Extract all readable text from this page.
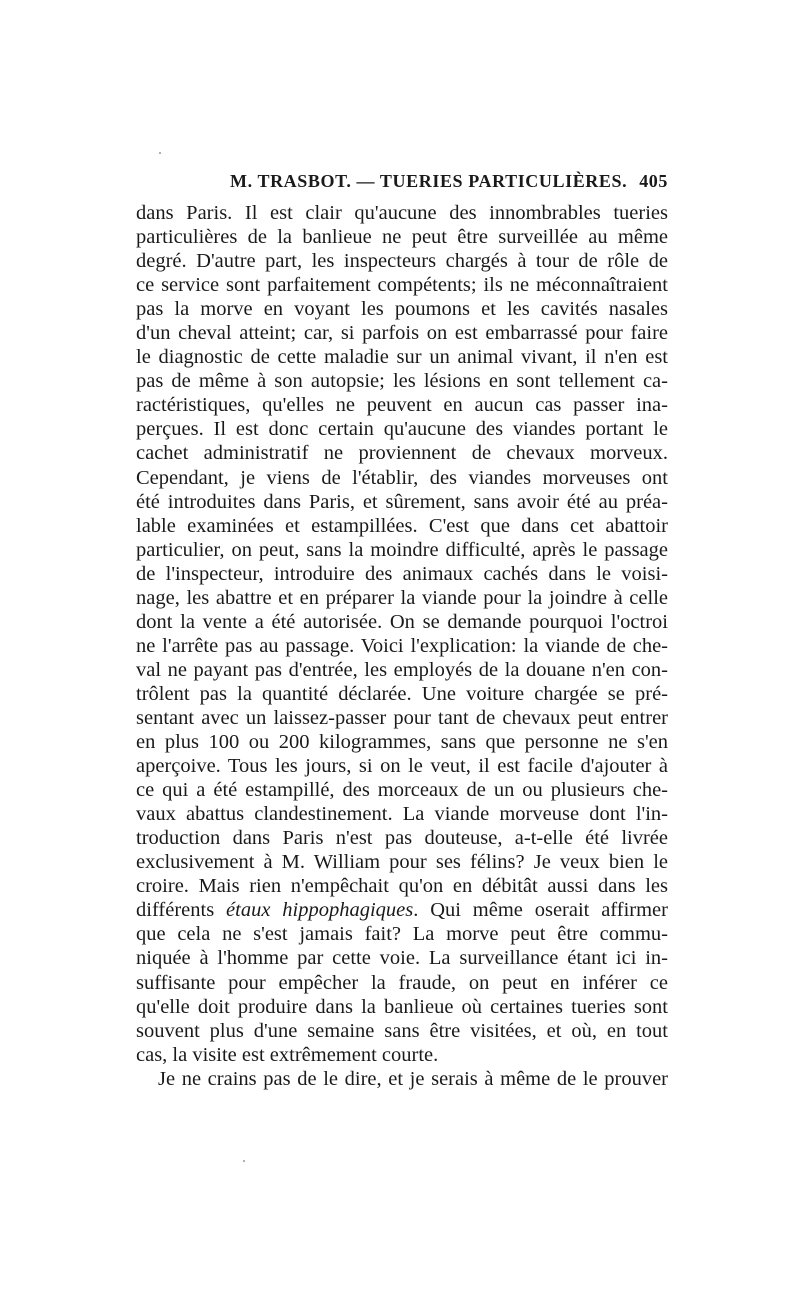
M. TRASBOT. — TUERIES PARTICULIÈRES. 405
dans Paris. Il est clair qu'aucune des innombrables tueries
particulières de la banlieue ne peut être surveillée au même
degré. D'autre part, les inspecteurs chargés à tour de rôle de
ce service sont parfaitement compétents; ils ne méconnaîtraient
pas la morve en voyant les poumons et les cavités nasales
d'un cheval atteint; car, si parfois on est embarrassé pour faire
le diagnostic de cette maladie sur un animal vivant, il n'en est
pas de même à son autopsie; les lésions en sont tellement ca-
ractéristiques, qu'elles ne peuvent en aucun cas passer ina-
perçues. Il est donc certain qu'aucune des viandes portant le
cachet administratif ne proviennent de chevaux morveux.
Cependant, je viens de l'établir, des viandes morveuses ont
été introduites dans Paris, et sûrement, sans avoir été au préa-
lable examinées et estampillées. C'est que dans cet abattoir
particulier, on peut, sans la moindre difficulté, après le passage
de l'inspecteur, introduire des animaux cachés dans le voisi-
nage, les abattre et en préparer la viande pour la joindre à celle
dont la vente a été autorisée. On se demande pourquoi l'octroi
ne l'arrête pas au passage. Voici l'explication: la viande de che-
val ne payant pas d'entrée, les employés de la douane n'en con-
trôlent pas la quantité déclarée. Une voiture chargée se pré-
sentant avec un laissez-passer pour tant de chevaux peut entrer
en plus 100 ou 200 kilogrammes, sans que personne ne s'en
aperçoive. Tous les jours, si on le veut, il est facile d'ajouter à
ce qui a été estampillé, des morceaux de un ou plusieurs che-
vaux abattus clandestinement. La viande morveuse dont l'in-
troduction dans Paris n'est pas douteuse, a-t-elle été livrée
exclusivement à M. William pour ses félins? Je veux bien le
croire. Mais rien n'empêchait qu'on en débitât aussi dans les
différents étaux hippophagiques. Qui même oserait affirmer
que cela ne s'est jamais fait? La morve peut être commu-
niquée à l'homme par cette voie. La surveillance étant ici in-
suffisante pour empêcher la fraude, on peut en inférer ce
qu'elle doit produire dans la banlieue où certaines tueries sont
souvent plus d'une semaine sans être visitées, et où, en tout
cas, la visite est extrêmement courte.
Je ne crains pas de le dire, et je serais à même de le prouver
